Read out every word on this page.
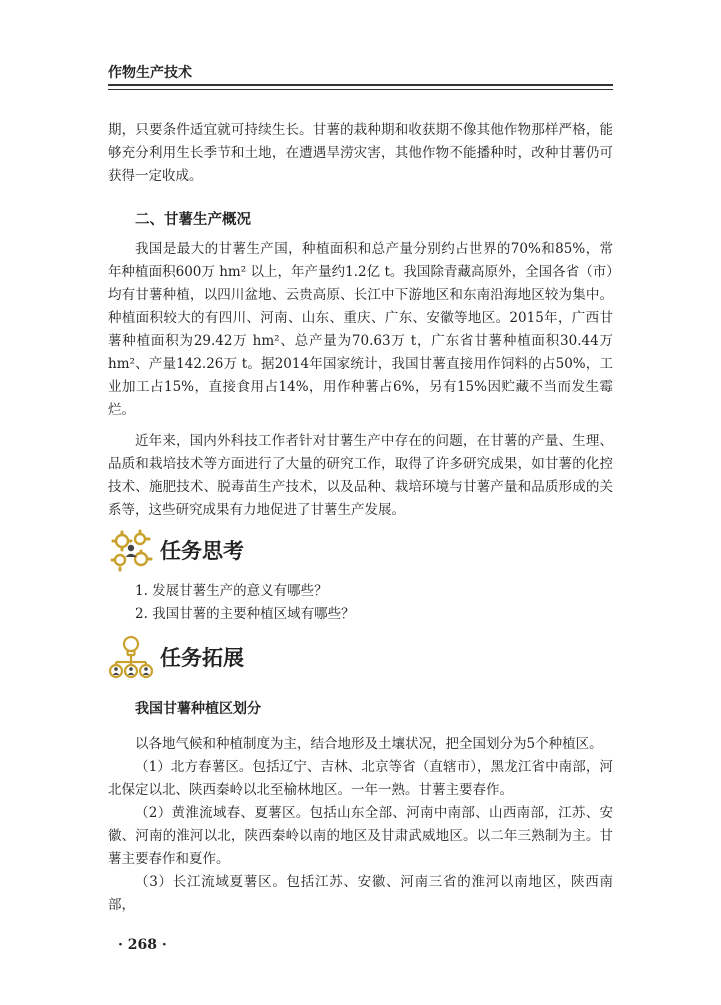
作物生产技术
期，只要条件适宜就可持续生长。甘薯的栽种期和收获期不像其他作物那样严格，能够充分利用生长季节和土地，在遭遇旱涝灾害，其他作物不能播种时，改种甘薯仍可获得一定收成。
二、甘薯生产概况
我国是最大的甘薯生产国，种植面积和总产量分别约占世界的70%和85%，常年种植面积600万 hm² 以上，年产量约1.2亿 t。我国除青藏高原外，全国各省（市）均有甘薯种植，以四川盆地、云贵高原、长江中下游地区和东南沿海地区较为集中。种植面积较大的有四川、河南、山东、重庆、广东、安徽等地区。2015年，广西甘薯种植面积为29.42万 hm²、总产量为70.63万 t，广东省甘薯种植面积30.44万 hm²、产量142.26万 t。据2014年国家统计，我国甘薯直接用作饲料的占50%，工业加工占15%，直接食用占14%，用作种薯占6%，另有15%因贮藏不当而发生霉烂。
近年来，国内外科技工作者针对甘薯生产中存在的问题，在甘薯的产量、生理、品质和栽培技术等方面进行了大量的研究工作，取得了许多研究成果，如甘薯的化控技术、施肥技术、脱毒苗生产技术，以及品种、栽培环境与甘薯产量和品质形成的关系等，这些研究成果有力地促进了甘薯生产发展。
任务思考
1. 发展甘薯生产的意义有哪些？
2. 我国甘薯的主要种植区域有哪些？
任务拓展
我国甘薯种植区划分
以各地气候和种植制度为主，结合地形及土壤状况，把全国划分为5个种植区。
（1）北方春薯区。包括辽宁、吉林、北京等省（直辖市），黑龙江省中南部，河北保定以北、陕西秦岭以北至榆林地区。一年一熟。甘薯主要春作。
（2）黄淮流域春、夏薯区。包括山东全部、河南中南部、山西南部，江苏、安徽、河南的淮河以北，陕西秦岭以南的地区及甘肃武威地区。以二年三熟制为主。甘薯主要春作和夏作。
（3）长江流域夏薯区。包括江苏、安徽、河南三省的淮河以南地区，陕西南部，
· 268 ·
